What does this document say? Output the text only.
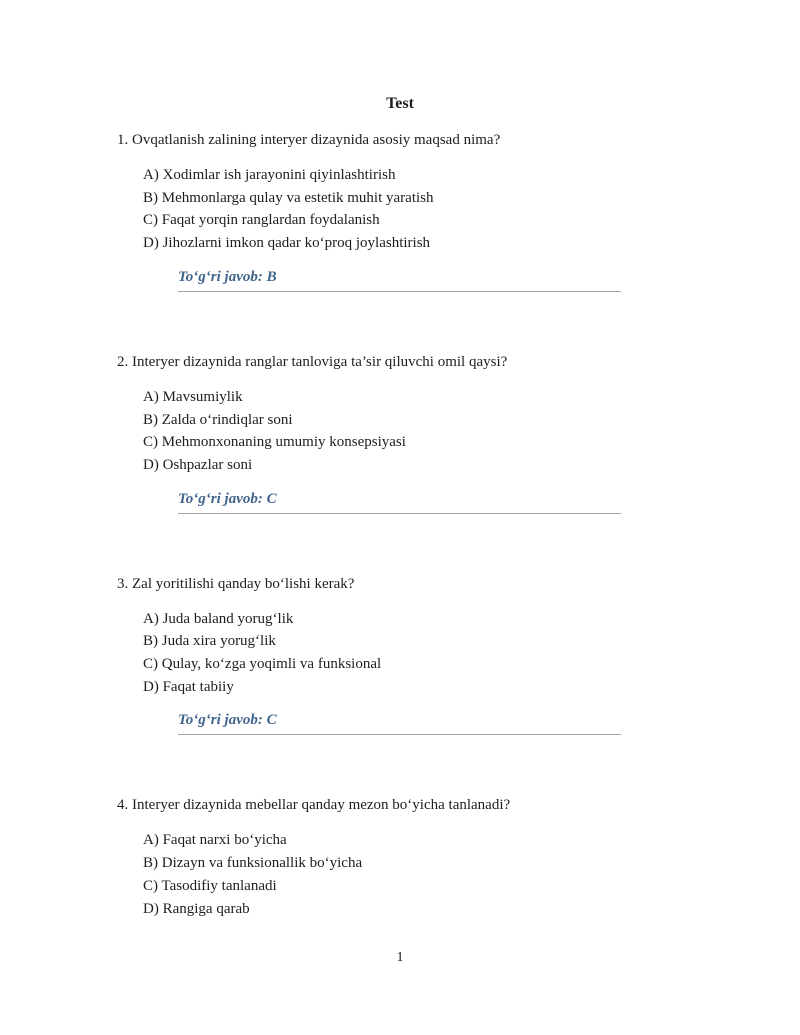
Test

1. Ovqatlanish zalining interyer dizaynida asosiy maqsad nima?

A) Xodimlar ish jarayonini qiyinlashtirish

B) Mehmonlarga qulay va estetik muhit yaratish

C) Faqat yorqin ranglardan foydalanish

D) Jihozlarni imkon qadar ko‘proq joylashtirish

To‘g‘ri javob: B

2. Interyer dizaynida ranglar tanloviga ta’sir qiluvchi omil qaysi?

A) Mavsumiylik

B) Zalda o‘rindiqlar soni

C) Mehmonxonaning umumiy konsepsiyasi

D) Oshpazlar soni

To‘g‘ri javob: C

3. Zal yoritilishi qanday bo‘lishi kerak?

A) Juda baland yorug‘lik

B) Juda xira yorug‘lik

C) Qulay, ko‘zga yoqimli va funksional

D) Faqat tabiiy

To‘g‘ri javob: C

4. Interyer dizaynida mebellar qanday mezon bo‘yicha tanlanadi?

A) Faqat narxi bo‘yicha

B) Dizayn va funksionallik bo‘yicha

C) Tasodifiy tanlanadi

D) Rangiga qarab

1
